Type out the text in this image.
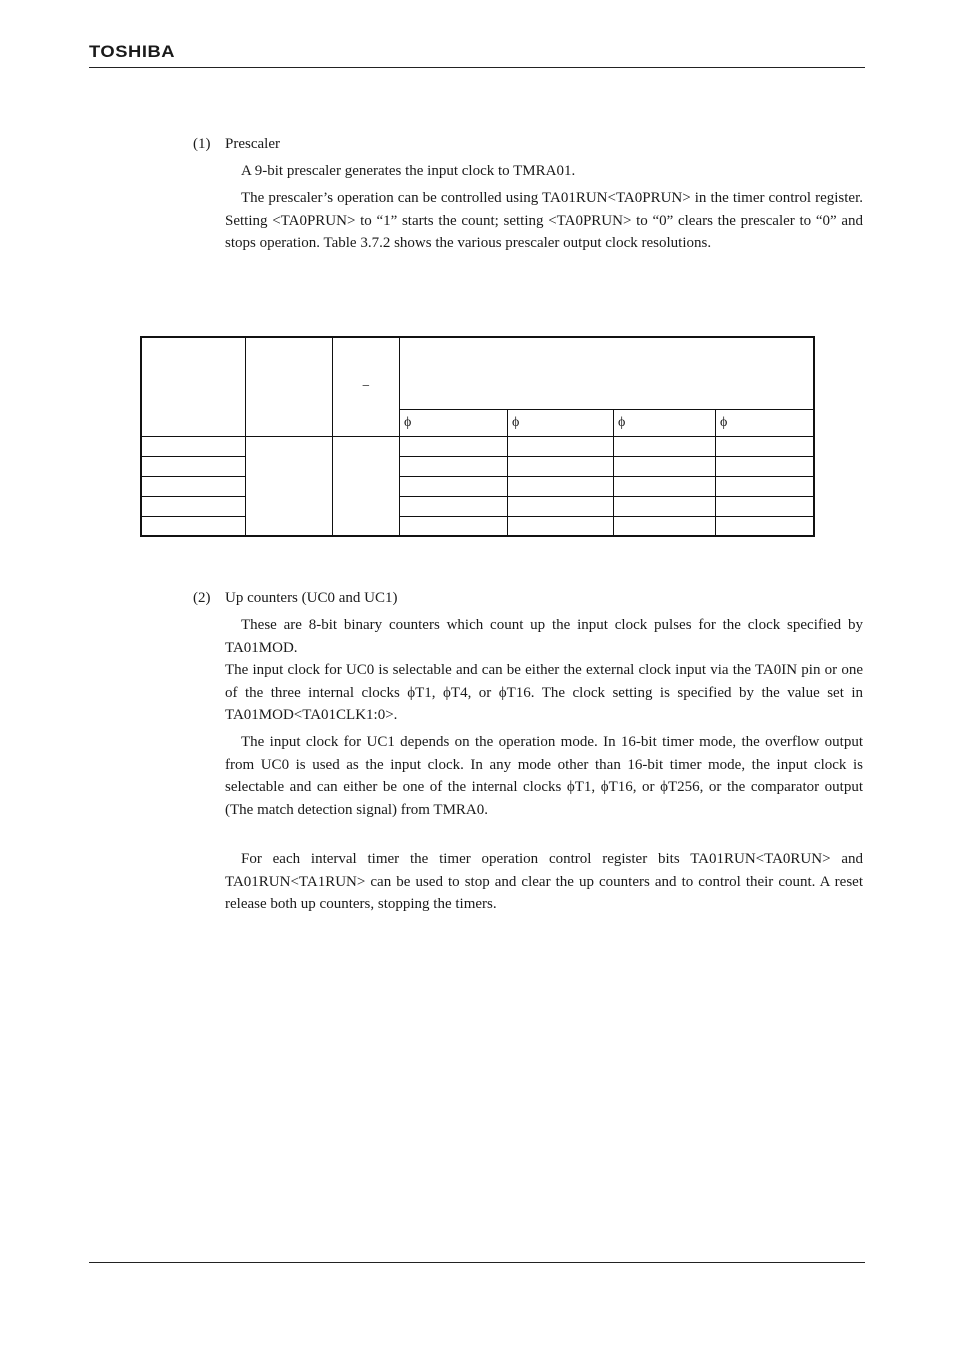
TOSHIBA
(1) Prescaler
A 9-bit prescaler generates the input clock to TMRA01.
The prescaler’s operation can be controlled using TA01RUN<TA0PRUN> in the timer control register. Setting <TA0PRUN> to “1” starts the count; setting <TA0PRUN> to “0” clears the prescaler to “0” and stops operation. Table 3.7.2 shows the various prescaler output clock resolutions.
		−				
			ϕ	ϕ	ϕ	ϕ

(2) Up counters (UC0 and UC1)
These are 8-bit binary counters which count up the input clock pulses for the clock specified by TA01MOD.
The input clock for UC0 is selectable and can be either the external clock input via the TA0IN pin or one of the three internal clocks ϕT1, ϕT4, or ϕT16. The clock setting is specified by the value set in TA01MOD<TA01CLK1:0>.
The input clock for UC1 depends on the operation mode. In 16-bit timer mode, the overflow output from UC0 is used as the input clock. In any mode other than 16-bit timer mode, the input clock is selectable and can either be one of the internal clocks ϕT1, ϕT16, or ϕT256, or the comparator output (The match detection signal) from TMRA0.
For each interval timer the timer operation control register bits TA01RUN<TA0RUN> and TA01RUN<TA1RUN> can be used to stop and clear the up counters and to control their count. A reset release both up counters, stopping the timers.
